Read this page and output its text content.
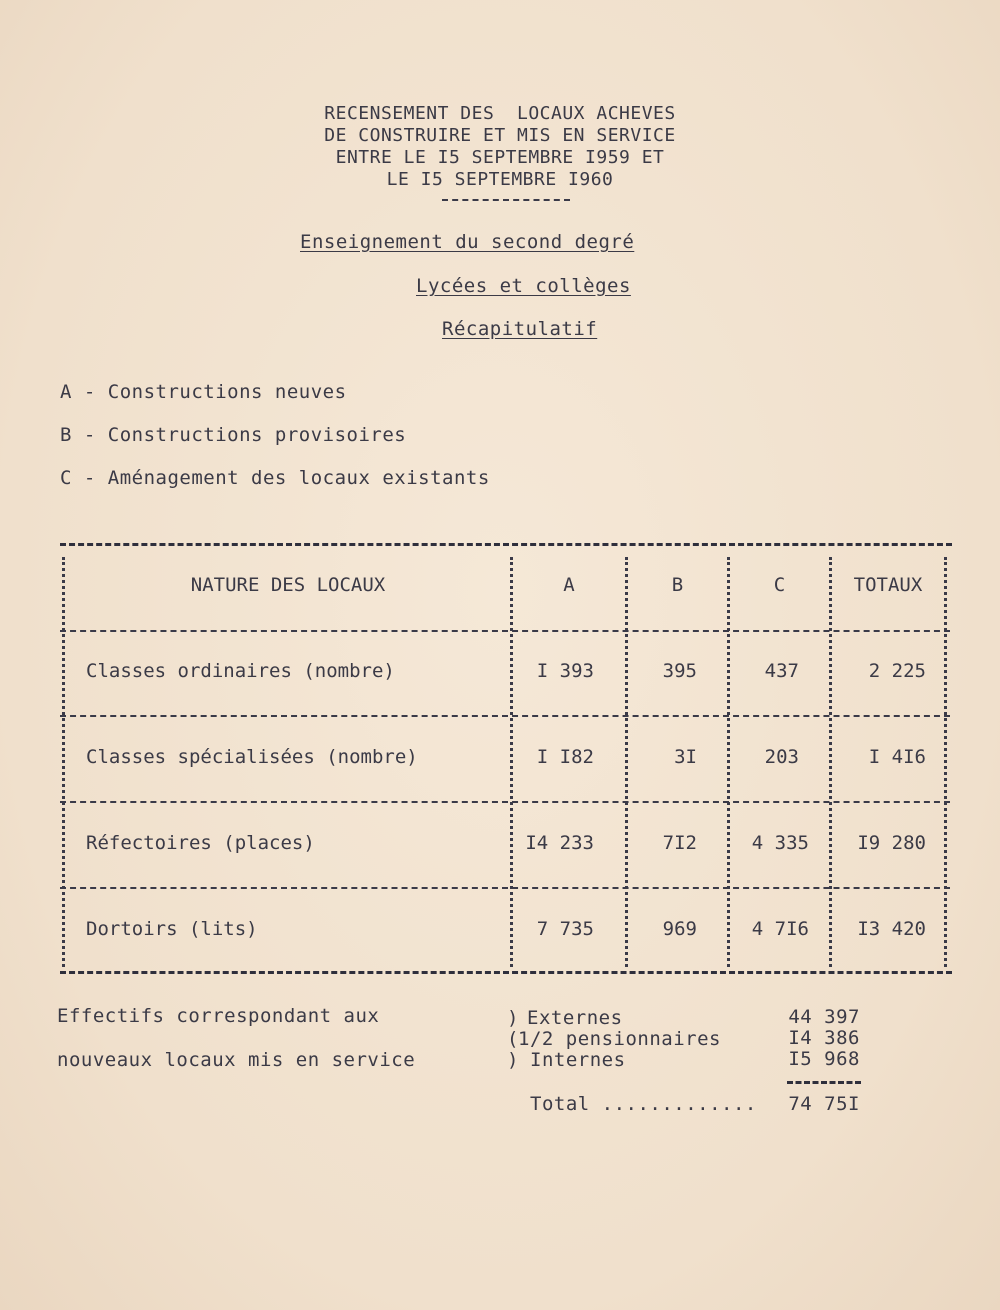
RECENSEMENT DES  LOCAUX ACHEVES
DE CONSTRUIRE ET MIS EN SERVICE
ENTRE LE I5 SEPTEMBRE I959 ET
LE I5 SEPTEMBRE I960
Enseignement du second degré
Lycées et collèges
Récapitulatif
A - Constructions neuves
B - Constructions provisoires
C - Aménagement des locaux existants
NATURE DES LOCAUX	A	B	C	TOTAUX
Classes ordinaires (nombre)	I 393	395	437	2 225
Classes spécialisées (nombre)	I I82	3I	203	I 4I6
Réfectoires (places)	I4 233	7I2	4 335	I9 280
Dortoirs (lits)	7 735	969	4 7I6	I3 420
Effectifs correspondant aux
nouveaux locaux mis en service
) Externes	44 397
( 1/2 pensionnaires	I4 386
) Internes	I5 968
Total .............	74 75I
